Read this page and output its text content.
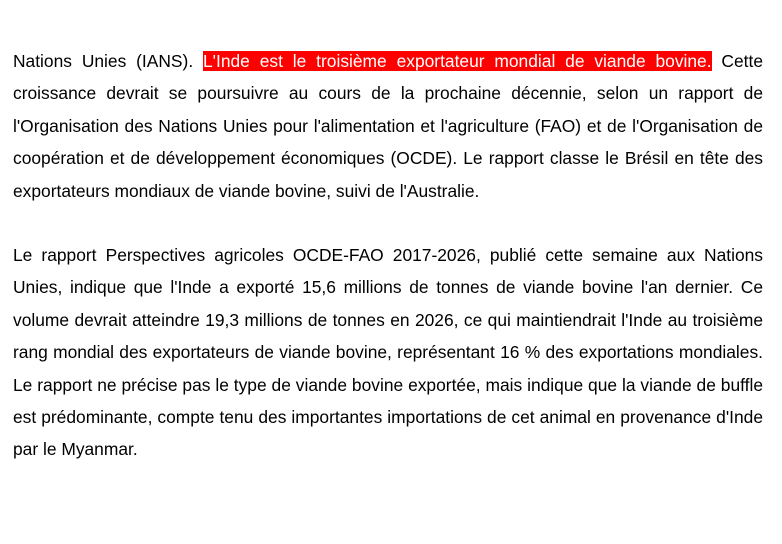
Nations Unies (IANS). L'Inde est le troisième exportateur mondial de viande bovine. Cette croissance devrait se poursuivre au cours de la prochaine décennie, selon un rapport de l'Organisation des Nations Unies pour l'alimentation et l'agriculture (FAO) et de l'Organisation de coopération et de développement économiques (OCDE). Le rapport classe le Brésil en tête des exportateurs mondiaux de viande bovine, suivi de l'Australie.

Le rapport Perspectives agricoles OCDE-FAO 2017-2026, publié cette semaine aux Nations Unies, indique que l'Inde a exporté 15,6 millions de tonnes de viande bovine l'an dernier. Ce volume devrait atteindre 19,3 millions de tonnes en 2026, ce qui maintiendrait l'Inde au troisième rang mondial des exportateurs de viande bovine, représentant 16 % des exportations mondiales. Le rapport ne précise pas le type de viande bovine exportée, mais indique que la viande de buffle est prédominante, compte tenu des importantes importations de cet animal en provenance d'Inde par le Myanmar.
